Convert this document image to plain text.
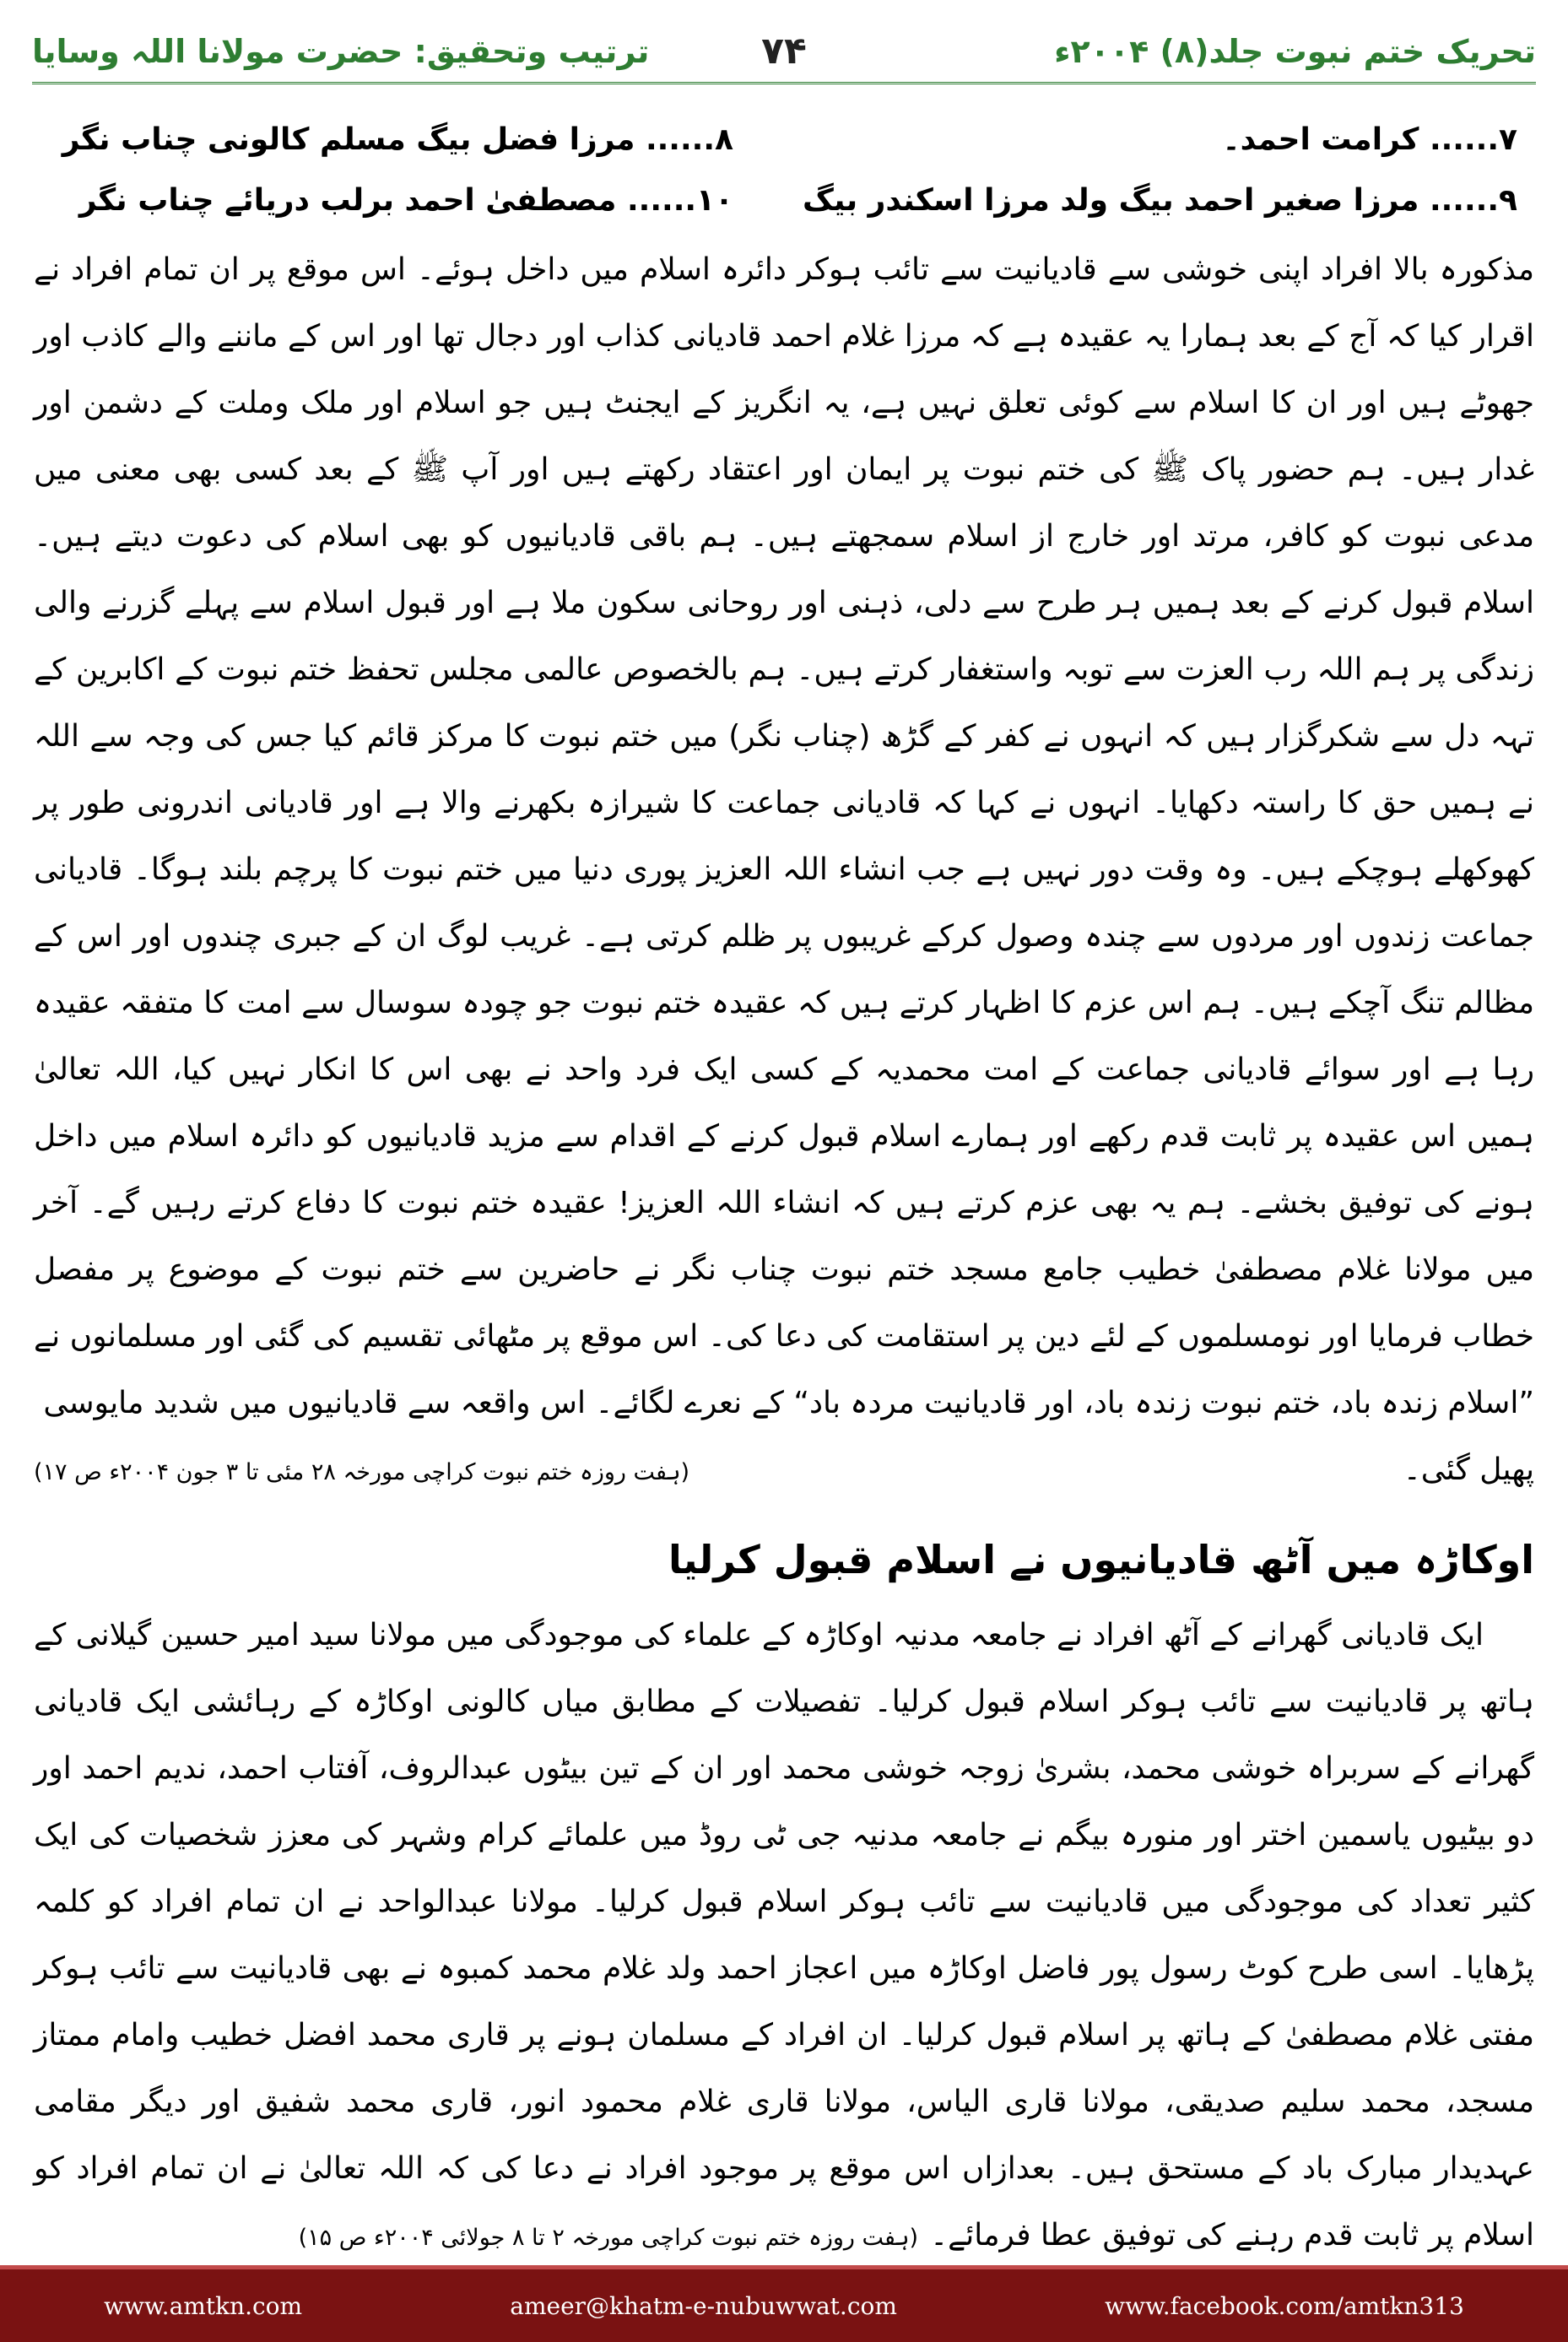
تحریک ختم نبوت جلد(۸) ۲۰۰۴ء
۷۴
ترتیب وتحقیق: حضرت مولانا اللہ وسایا
۷...... کرامت احمد۔	۸...... مرزا فضل بیگ مسلم کالونی چناب نگر
۹...... مرزا صغیر احمد بیگ ولد مرزا اسکندر بیگ	۱۰...... مصطفیٰ احمد برلب دریائے چناب نگر

مذکورہ بالا افراد اپنی خوشی سے قادیانیت سے تائب ہوکر دائرہ اسلام میں داخل ہوئے۔ اس موقع پر ان تمام افراد نے اقرار کیا کہ آج کے بعد ہمارا یہ عقیدہ ہے کہ مرزا غلام احمد قادیانی کذاب اور دجال تھا اور اس کے ماننے والے کاذب اور جھوٹے ہیں اور ان کا اسلام سے کوئی تعلق نہیں ہے، یہ انگریز کے ایجنٹ ہیں جو اسلام اور ملک وملت کے دشمن اور غدار ہیں۔ ہم حضور پاک ﷺ کی ختم نبوت پر ایمان اور اعتقاد رکھتے ہیں اور آپ ﷺ کے بعد کسی بھی معنی میں مدعی نبوت کو کافر، مرتد اور خارج از اسلام سمجھتے ہیں۔ ہم باقی قادیانیوں کو بھی اسلام کی دعوت دیتے ہیں۔ اسلام قبول کرنے کے بعد ہمیں ہر طرح سے دلی، ذہنی اور روحانی سکون ملا ہے اور قبول اسلام سے پہلے گزرنے والی زندگی پر ہم اللہ رب العزت سے توبہ واستغفار کرتے ہیں۔ ہم بالخصوص عالمی مجلس تحفظ ختم نبوت کے اکابرین کے تہہ دل سے شکرگزار ہیں کہ انہوں نے کفر کے گڑھ (چناب نگر) میں ختم نبوت کا مرکز قائم کیا جس کی وجہ سے اللہ نے ہمیں حق کا راستہ دکھایا۔ انہوں نے کہا کہ قادیانی جماعت کا شیرازہ بکھرنے والا ہے اور قادیانی اندرونی طور پر کھوکھلے ہوچکے ہیں۔ وہ وقت دور نہیں ہے جب انشاء اللہ العزیز پوری دنیا میں ختم نبوت کا پرچم بلند ہوگا۔ قادیانی جماعت زندوں اور مردوں سے چندہ وصول کرکے غریبوں پر ظلم کرتی ہے۔ غریب لوگ ان کے جبری چندوں اور اس کے مظالم تنگ آچکے ہیں۔ ہم اس عزم کا اظہار کرتے ہیں کہ عقیدہ ختم نبوت جو چودہ سوسال سے امت کا متفقہ عقیدہ رہا ہے اور سوائے قادیانی جماعت کے امت محمدیہ کے کسی ایک فرد واحد نے بھی اس کا انکار نہیں کیا، اللہ تعالیٰ ہمیں اس عقیدہ پر ثابت قدم رکھے اور ہمارے اسلام قبول کرنے کے اقدام سے مزید قادیانیوں کو دائرہ اسلام میں داخل ہونے کی توفیق بخشے۔ ہم یہ بھی عزم کرتے ہیں کہ انشاء اللہ العزیز! عقیدہ ختم نبوت کا دفاع کرتے رہیں گے۔ آخر میں مولانا غلام مصطفیٰ خطیب جامع مسجد ختم نبوت چناب نگر نے حاضرین سے ختم نبوت کے موضوع پر مفصل خطاب فرمایا اور نومسلموں کے لئے دین پر استقامت کی دعا کی۔ اس موقع پر مٹھائی تقسیم کی گئی اور مسلمانوں نے ”اسلام زندہ باد، ختم نبوت زندہ باد، اور قادیانیت مردہ باد“ کے نعرے لگائے۔ اس واقعہ سے قادیانیوں میں شدید مایوسی

پھیل گئی۔
(ہفت روزہ ختم نبوت کراچی مورخہ ۲۸ مئی تا ۳ جون ۲۰۰۴ء ص ۱۷)
اوکاڑہ میں آٹھ قادیانیوں نے اسلام قبول کرلیا

ایک قادیانی گھرانے کے آٹھ افراد نے جامعہ مدنیہ اوکاڑہ کے علماء کی موجودگی میں مولانا سید امیر حسین گیلانی کے ہاتھ پر قادیانیت سے تائب ہوکر اسلام قبول کرلیا۔ تفصیلات کے مطابق میاں کالونی اوکاڑہ کے رہائشی ایک قادیانی گھرانے کے سربراہ خوشی محمد، بشریٰ زوجہ خوشی محمد اور ان کے تین بیٹوں عبدالروف، آفتاب احمد، ندیم احمد اور دو بیٹیوں یاسمین اختر اور منورہ بیگم نے جامعہ مدنیہ جی ٹی روڈ میں علمائے کرام وشہر کی معزز شخصیات کی ایک کثیر تعداد کی موجودگی میں قادیانیت سے تائب ہوکر اسلام قبول کرلیا۔ مولانا عبدالواحد نے ان تمام افراد کو کلمہ پڑھایا۔ اسی طرح کوٹ رسول پور فاضل اوکاڑہ میں اعجاز احمد ولد غلام محمد کمبوہ نے بھی قادیانیت سے تائب ہوکر مفتی غلام مصطفیٰ کے ہاتھ پر اسلام قبول کرلیا۔ ان افراد کے مسلمان ہونے پر قاری محمد افضل خطیب وامام ممتاز مسجد، محمد سلیم صدیقی، مولانا قاری الیاس، مولانا قاری غلام محمود انور، قاری محمد شفیق اور دیگر مقامی عہدیدار مبارک باد کے مستحق ہیں۔ بعدازاں اس موقع پر موجود افراد نے دعا کی کہ اللہ تعالیٰ نے ان تمام افراد کو اسلام پر ثابت قدم رہنے کی توفیق عطا فرمائے۔(ہفت روزہ ختم نبوت کراچی مورخہ ۲ تا ۸ جولائی ۲۰۰۴ء ص ۱۵)

www.amtkn.com	ameer@khatm-e-nubuwwat.com	www.facebook.com/amtkn313
